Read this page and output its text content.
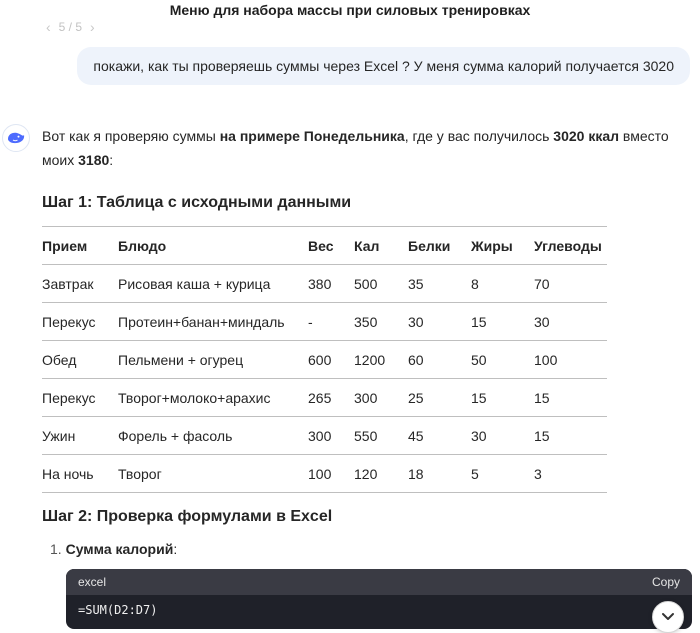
Меню для набора массы при силовых тренировках
‹ 5 / 5 ›
покажи, как ты проверяешь суммы через Excel ? У меня сумма калорий получается 3020

Вот как я проверяю суммы на примере Понедельника, где у вас получилось 3020 ккал вместо моих 3180:

Шаг 1: Таблица с исходными данными
Прием	Блюдо	Вес	Кал	Белки	Жиры	Углеводы
Завтрак	Рисовая каша + курица	380	500	35	8	70
Перекус	Протеин+банан+миндаль	-	350	30	15	30
Обед	Пельмени + огурец	600	1200	60	50	100
Перекус	Творог+молоко+арахис	265	300	25	15	15
Ужин	Форель + фасоль	300	550	45	30	15
На ночь	Творог	100	120	18	5	3
Шаг 2: Проверка формулами в Excel
1. Сумма калорий:
excel	Copy
=SUM(D2:D7)
